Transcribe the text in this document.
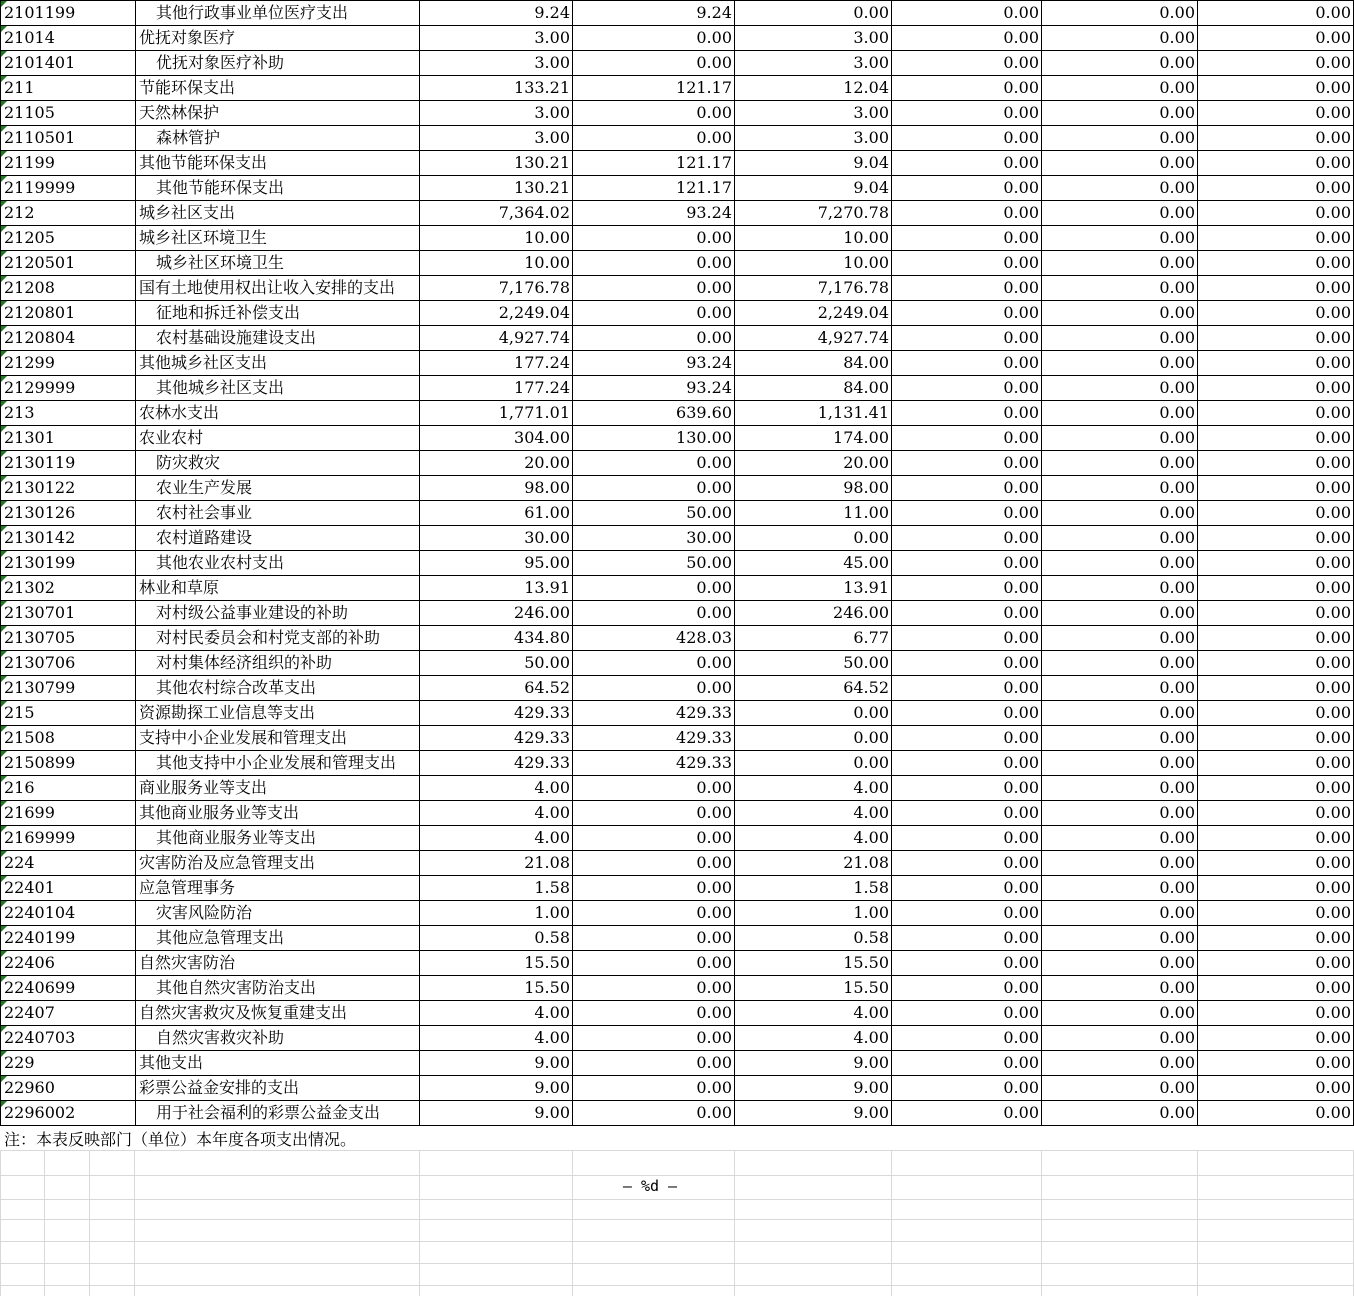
2101199	其他行政事业单位医疗支出	9.24	9.24	0.00	0.00	0.00	0.00
21014	优抚对象医疗	3.00	0.00	3.00	0.00	0.00	0.00
2101401	优抚对象医疗补助	3.00	0.00	3.00	0.00	0.00	0.00
211	节能环保支出	133.21	121.17	12.04	0.00	0.00	0.00
21105	天然林保护	3.00	0.00	3.00	0.00	0.00	0.00
2110501	森林管护	3.00	0.00	3.00	0.00	0.00	0.00
21199	其他节能环保支出	130.21	121.17	9.04	0.00	0.00	0.00
2119999	其他节能环保支出	130.21	121.17	9.04	0.00	0.00	0.00
212	城乡社区支出	7,364.02	93.24	7,270.78	0.00	0.00	0.00
21205	城乡社区环境卫生	10.00	0.00	10.00	0.00	0.00	0.00
2120501	城乡社区环境卫生	10.00	0.00	10.00	0.00	0.00	0.00
21208	国有土地使用权出让收入安排的支出	7,176.78	0.00	7,176.78	0.00	0.00	0.00
2120801	征地和拆迁补偿支出	2,249.04	0.00	2,249.04	0.00	0.00	0.00
2120804	农村基础设施建设支出	4,927.74	0.00	4,927.74	0.00	0.00	0.00
21299	其他城乡社区支出	177.24	93.24	84.00	0.00	0.00	0.00
2129999	其他城乡社区支出	177.24	93.24	84.00	0.00	0.00	0.00
213	农林水支出	1,771.01	639.60	1,131.41	0.00	0.00	0.00
21301	农业农村	304.00	130.00	174.00	0.00	0.00	0.00
2130119	防灾救灾	20.00	0.00	20.00	0.00	0.00	0.00
2130122	农业生产发展	98.00	0.00	98.00	0.00	0.00	0.00
2130126	农村社会事业	61.00	50.00	11.00	0.00	0.00	0.00
2130142	农村道路建设	30.00	30.00	0.00	0.00	0.00	0.00
2130199	其他农业农村支出	95.00	50.00	45.00	0.00	0.00	0.00
21302	林业和草原	13.91	0.00	13.91	0.00	0.00	0.00
2130701	对村级公益事业建设的补助	246.00	0.00	246.00	0.00	0.00	0.00
2130705	对村民委员会和村党支部的补助	434.80	428.03	6.77	0.00	0.00	0.00
2130706	对村集体经济组织的补助	50.00	0.00	50.00	0.00	0.00	0.00
2130799	其他农村综合改革支出	64.52	0.00	64.52	0.00	0.00	0.00
215	资源勘探工业信息等支出	429.33	429.33	0.00	0.00	0.00	0.00
21508	支持中小企业发展和管理支出	429.33	429.33	0.00	0.00	0.00	0.00
2150899	其他支持中小企业发展和管理支出	429.33	429.33	0.00	0.00	0.00	0.00
216	商业服务业等支出	4.00	0.00	4.00	0.00	0.00	0.00
21699	其他商业服务业等支出	4.00	0.00	4.00	0.00	0.00	0.00
2169999	其他商业服务业等支出	4.00	0.00	4.00	0.00	0.00	0.00
224	灾害防治及应急管理支出	21.08	0.00	21.08	0.00	0.00	0.00
22401	应急管理事务	1.58	0.00	1.58	0.00	0.00	0.00
2240104	灾害风险防治	1.00	0.00	1.00	0.00	0.00	0.00
2240199	其他应急管理支出	0.58	0.00	0.58	0.00	0.00	0.00
22406	自然灾害防治	15.50	0.00	15.50	0.00	0.00	0.00
2240699	其他自然灾害防治支出	15.50	0.00	15.50	0.00	0.00	0.00
22407	自然灾害救灾及恢复重建支出	4.00	0.00	4.00	0.00	0.00	0.00
2240703	自然灾害救灾补助	4.00	0.00	4.00	0.00	0.00	0.00
229	其他支出	9.00	0.00	9.00	0.00	0.00	0.00
22960	彩票公益金安排的支出	9.00	0.00	9.00	0.00	0.00	0.00
2296002	用于社会福利的彩票公益金支出	9.00	0.00	9.00	0.00	0.00	0.00
注：本表反映部门（单位）本年度各项支出情况。
— %d —
